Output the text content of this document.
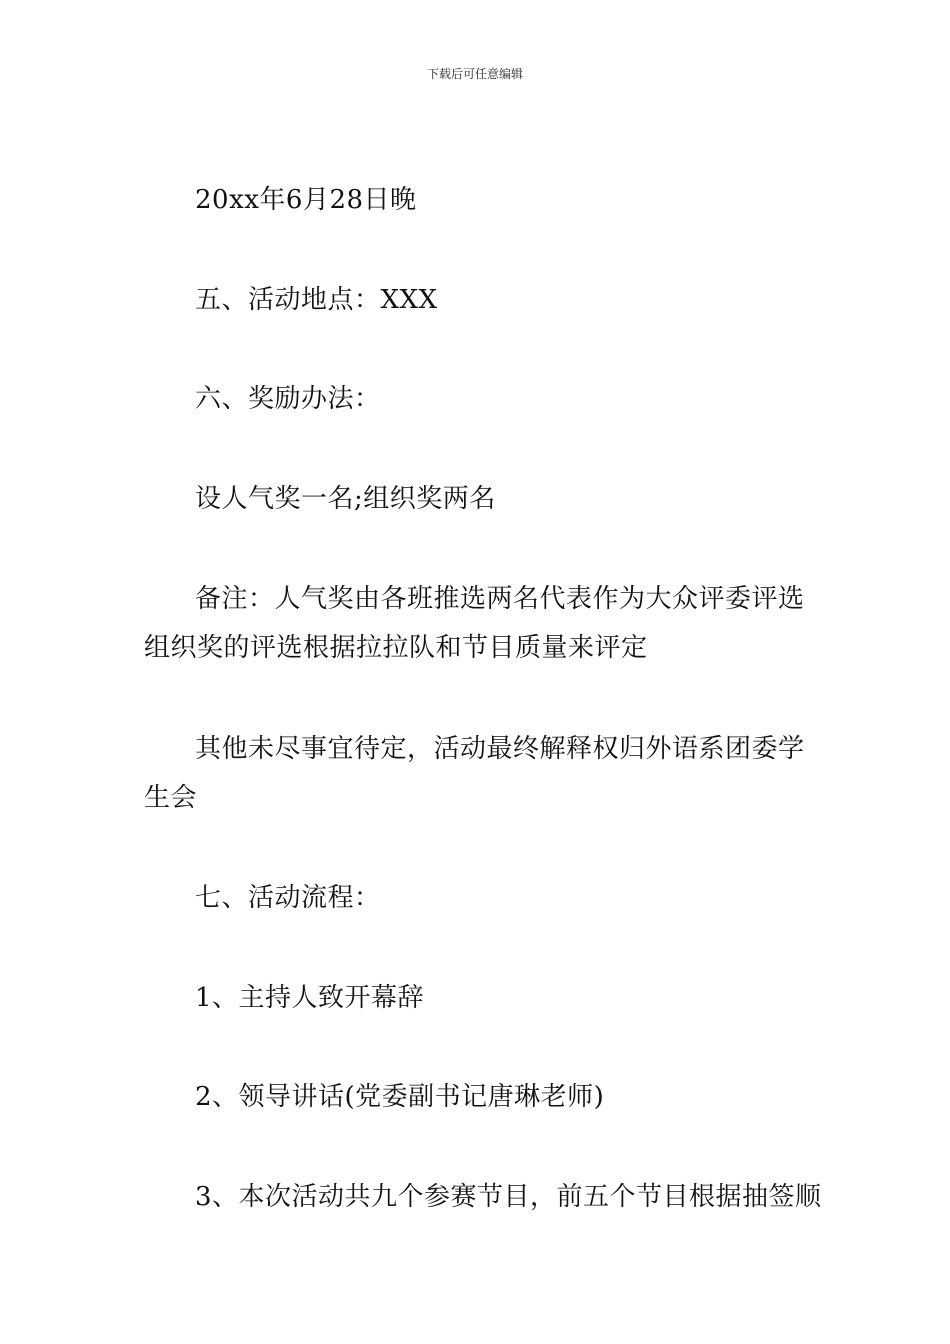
下载后可任意编辑
20xx年6月28日晚
五、活动地点：XXX
六、奖励办法：
设人气奖一名;组织奖两名
备注：人气奖由各班推选两名代表作为大众评委评选
组织奖的评选根据拉拉队和节目质量来评定
其他未尽事宜待定，活动最终解释权归外语系团委学
生会
七、活动流程：
1、主持人致开幕辞
2、领导讲话(党委副书记唐琳老师)
3、本次活动共九个参赛节目，前五个节目根据抽签顺
